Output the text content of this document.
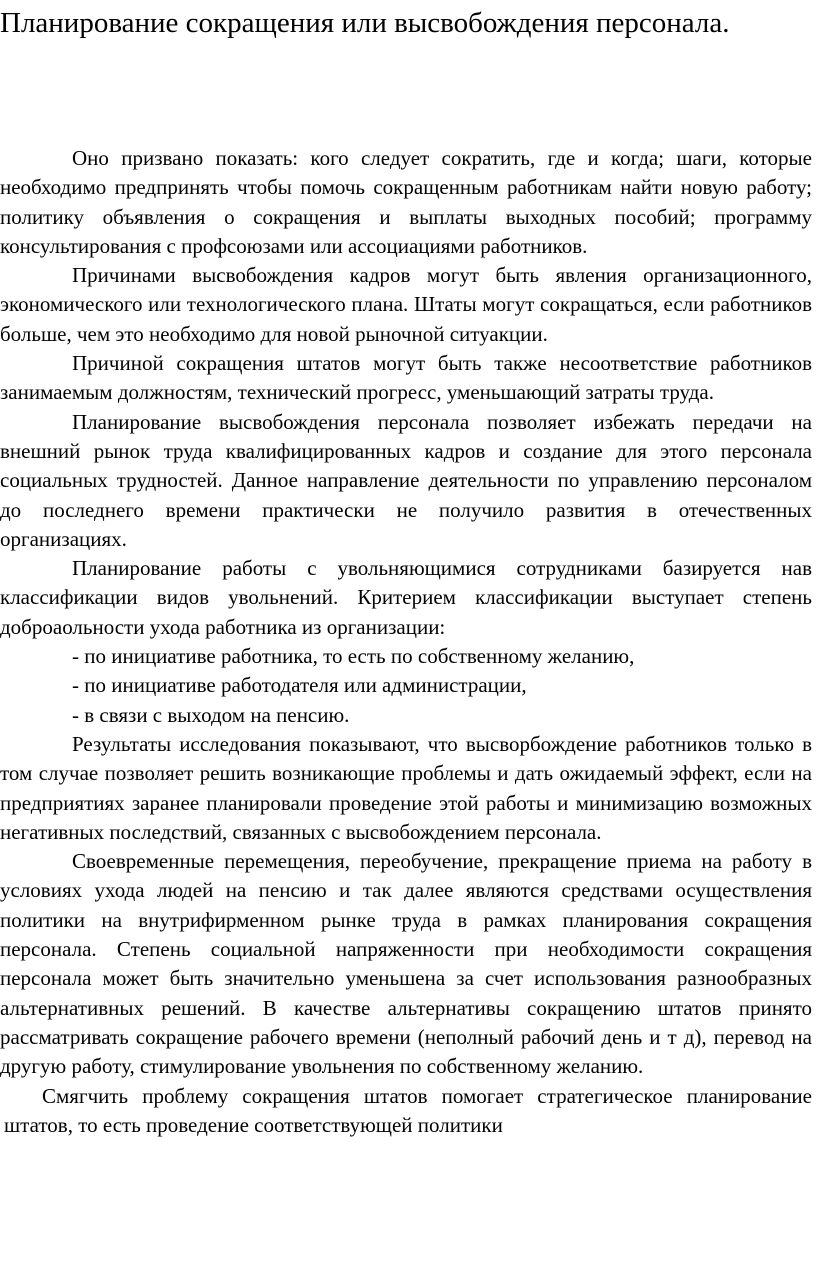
Планирование сокращения или высвобождения персонала.

Оно призвано показать: кого следует сократить, где и когда; шаги, которые необходимо предпринять чтобы помочь сокращенным работникам найти новую работу; политику объявления о сокращения и выплаты выходных пособий; программу консультирования с профсоюзами или ассоциациями работников.

Причинами высвобождения кадров могут быть явления организационного, экономического или технологического плана. Штаты могут сокращаться, если работников больше, чем это необходимо для новой рыночной ситуакции.

Причиной сокращения штатов могут быть также несоответствие работников занимаемым должностям, технический прогресс, уменьшающий затраты труда.

Планирование высвобождения персонала позволяет избежать передачи на внешний рынок труда квалифицированных кадров и создание для этого персонала социальных трудностей. Данное направление деятельности по управлению персоналом до последнего времени практически не получило развития в отечественных организациях.

Планирование работы с увольняющимися сотрудниками базируется нав классификации видов увольнений. Критерием классификации выступает степень доброаольности ухода работника из организации:

- по инициативе работника, то есть по собственному желанию,

- по инициативе работодателя или администрации,

- в связи с выходом на пенсию.

Результаты исследования показывают, что высворбождение работников только в том случае позволяет решить возникающие проблемы и дать ожидаемый эффект, если на предприятиях заранее планировали проведение этой работы и минимизацию возможных негативных последствий, связанных с высвобождением персонала.

Своевременные перемещения, переобучение, прекращение приема на работу в условиях ухода людей на пенсию и так далее являются средствами осуществления политики на внутрифирменном рынке труда в рамках планирования сокращения персонала. Степень социальной напряженности при необходимости сокращения персонала может быть значительно уменьшена за счет использования разнообразных альтернативных решений. В качестве альтернативы сокращению штатов принято рассматривать сокращение рабочего времени (неполный рабочий день и т д), перевод на другую работу, стимулирование увольнения по собственному желанию.

Смягчить проблему сокращения штатов помогает стратегическое планирование штатов, то есть проведение соответствующей политики
